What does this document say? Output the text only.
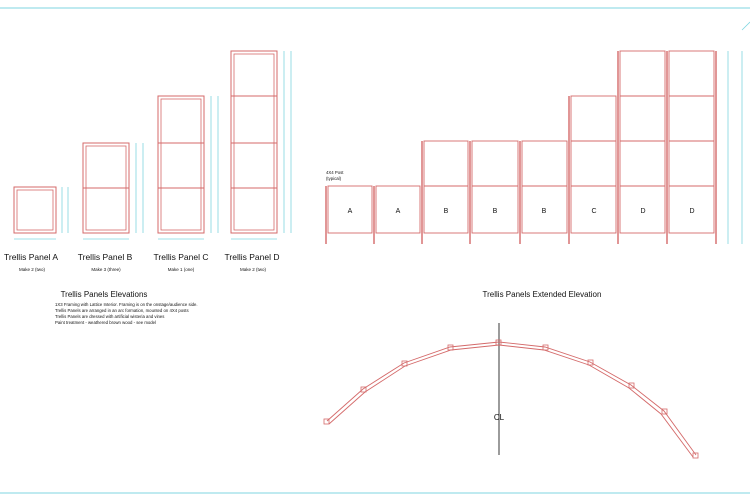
Trellis Panel A
Make 2 (two)
Trellis Panel B
Make 3 (three)
Trellis Panel C
Make 1 (one)
Trellis Panel D
Make 2 (two)
Trellis Panels Elevations
1X3 Framing with Lattice Interior. Framing is on the onstage/audience side.
Trellis Panels are arranged in an arc formation, mounted on 4X4 posts
Trellis Panels are dressed with artificial wisteria and vines
Paint treatment - weathered brown wood - see model
4X4 Post
(typical)
A	A	B	B	B	C	D	D
Trellis Panels Extended Elevation
CL
